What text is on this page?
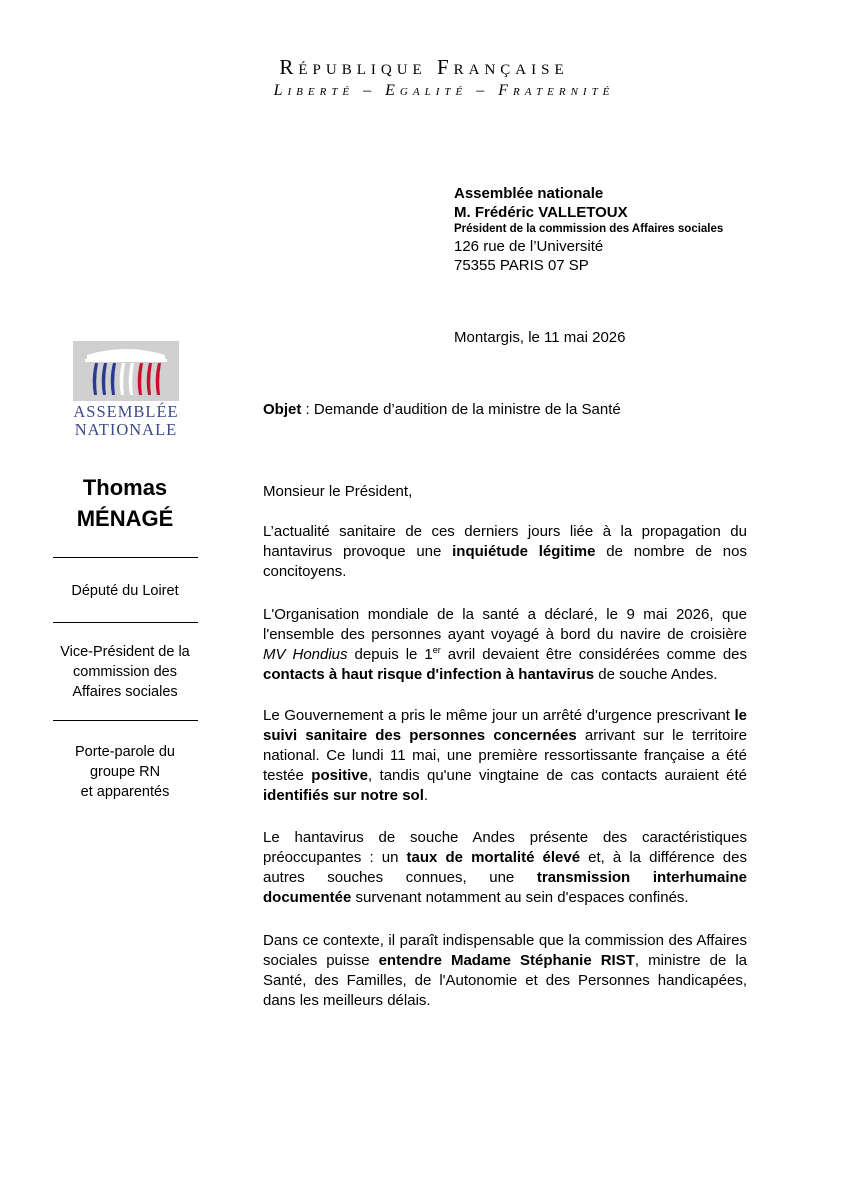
République Française
Liberté – Egalité – Fraternité
Assemblée nationale
M. Frédéric VALLETOUX
Président de la commission des Affaires sociales
126 rue de l’Université
75355 PARIS 07 SP
Montargis, le 11 mai 2026
ASSEMBLÉE
NATIONALE
Thomas
MÉNAGÉ
Député du Loiret
Vice-Président de la
commission des
Affaires sociales
Porte-parole du
groupe RN
et apparentés
Objet : Demande d’audition de la ministre de la Santé
Monsieur le Président,
L’actualité sanitaire de ces derniers jours liée à la propagation du hantavirus provoque une inquiétude légitime de nombre de nos concitoyens.
L'Organisation mondiale de la santé a déclaré, le 9 mai 2026, que l'ensemble des personnes ayant voyagé à bord du navire de croisière MV Hondius depuis le 1er avril devaient être considérées comme des contacts à haut risque d'infection à hantavirus de souche Andes.
Le Gouvernement a pris le même jour un arrêté d'urgence prescrivant le suivi sanitaire des personnes concernées arrivant sur le territoire national. Ce lundi 11 mai, une première ressortissante française a été testée positive, tandis qu'une vingtaine de cas contacts auraient été identifiés sur notre sol.
Le hantavirus de souche Andes présente des caractéristiques préoccupantes : un taux de mortalité élevé et, à la différence des autres souches connues, une transmission interhumaine documentée survenant notamment au sein d'espaces confinés.
Dans ce contexte, il paraît indispensable que la commission des Affaires sociales puisse entendre Madame Stéphanie RIST, ministre de la Santé, des Familles, de l'Autonomie et des Personnes handicapées, dans les meilleurs délais.
